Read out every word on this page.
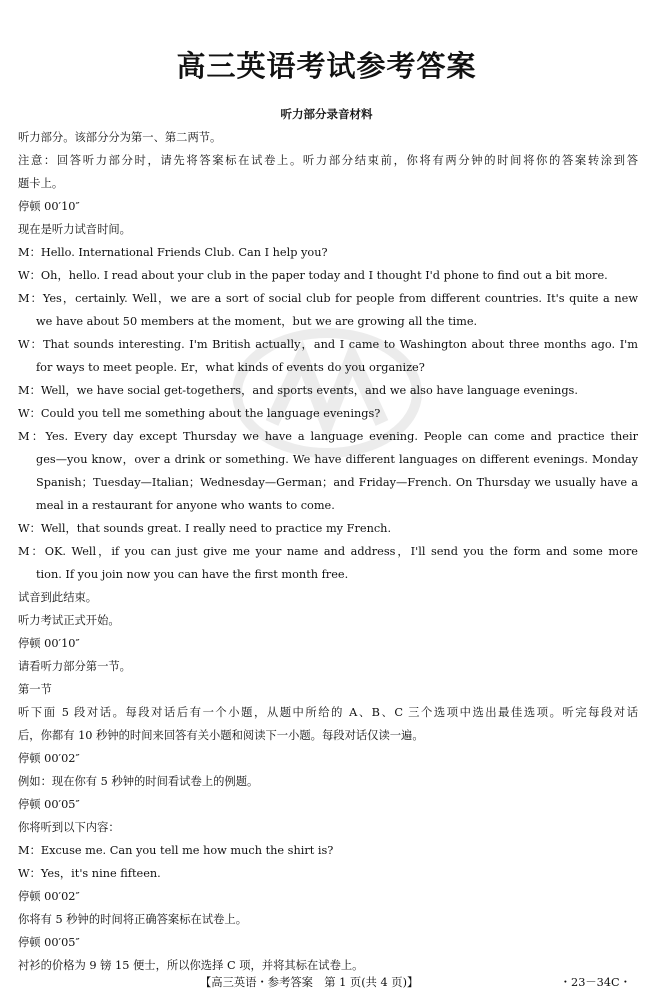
高三英语考试参考答案
听力部分录音材料
听力部分。该部分分为第一、第二两节。
注意：回答听力部分时，请先将答案标在试卷上。听力部分结束前，你将有两分钟的时间将你的答案转涂到答
题卡上。
停顿 00′10″
现在是听力试音时间。
M：Hello. International Friends Club. Can I help you?
W：Oh，hello. I read about your club in the paper today and I thought I'd phone to find out a bit more.
M：Yes，certainly. Well，we are a sort of social club for people from different countries. It's quite a new
we have about 50 members at the moment，but we are growing all the time.
W：That sounds interesting. I'm British actually，and I came to Washington about three months ago. I'm
for ways to meet people. Er，what kinds of events do you organize?
M：Well，we have social get-togethers，and sports events，and we also have language evenings.
W：Could you tell me something about the language evenings?
M：Yes. Every day except Thursday we have a language evening. People can come and practice their
ges—you know，over a drink or something. We have different languages on different evenings. Monday
Spanish；Tuesday—Italian；Wednesday—German；and Friday—French. On Thursday we usually have a
meal in a restaurant for anyone who wants to come.
W：Well，that sounds great. I really need to practice my French.
M：OK. Well，if you can just give me your name and address，I'll send you the form and some more
tion. If you join now you can have the first month free.
试音到此结束。
听力考试正式开始。
停顿 00′10″
请看听力部分第一节。
第一节
听下面 5 段对话。每段对话后有一个小题，从题中所给的 A、B、C 三个选项中选出最佳选项。听完每段对话
后，你都有 10 秒钟的时间来回答有关小题和阅读下一小题。每段对话仅读一遍。
停顿 00′02″
例如：现在你有 5 秒钟的时间看试卷上的例题。
停顿 00′05″
你将听到以下内容：
M：Excuse me. Can you tell me how much the shirt is?
W：Yes，it's nine fifteen.
停顿 00′02″
你将有 5 秒钟的时间将正确答案标在试卷上。
停顿 00′05″
衬衫的价格为 9 镑 15 便士，所以你选择 C 项，并将其标在试卷上。
【高三英语・参考答案　第 1 页(共 4 页)】	・23－34C・
